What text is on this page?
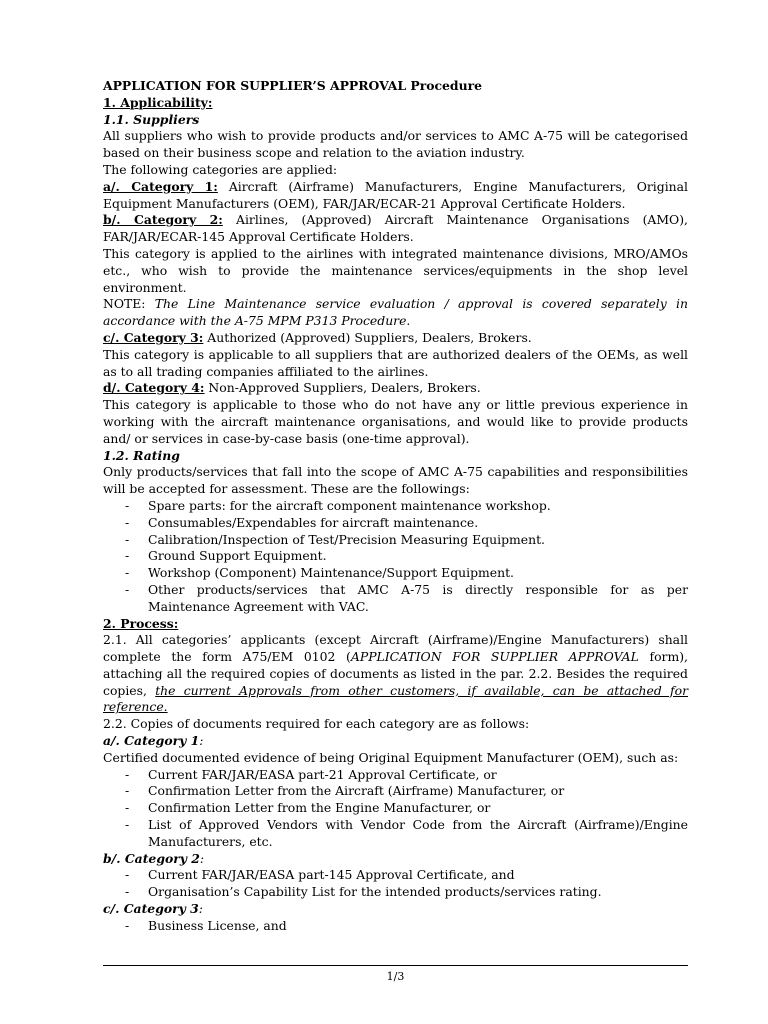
APPLICATION FOR SUPPLIER’S APPROVAL Procedure

1. Applicability:

1.1. Suppliers

All suppliers who wish to provide products and/or services to AMC A-75 will be categorised based on their business scope and relation to the aviation industry.

The following categories are applied:

a/. Category 1: Aircraft (Airframe) Manufacturers, Engine Manufacturers, Original Equipment Manufacturers (OEM), FAR/JAR/ECAR-21 Approval Certificate Holders.

b/. Category 2: Airlines, (Approved) Aircraft Maintenance Organisations (AMO), FAR/JAR/ECAR-145 Approval Certificate Holders.

This category is applied to the airlines with integrated maintenance divisions, MRO/AMOs etc., who wish to provide the maintenance services/equipments in the shop level environment.

NOTE: The Line Maintenance service evaluation / approval is covered separately in accordance with the A-75 MPM P313 Procedure.

c/. Category 3: Authorized (Approved) Suppliers, Dealers, Brokers.

This category is applicable to all suppliers that are authorized dealers of the OEMs, as well as to all trading companies affiliated to the airlines.

d/. Category 4: Non-Approved Suppliers, Dealers, Brokers.

This category is applicable to those who do not have any or little previous experience in working with the aircraft maintenance organisations, and would like to provide products and/ or services in case-by-case basis (one-time approval).

1.2. Rating

Only products/services that fall into the scope of AMC A-75 capabilities and responsibilities will be accepted for assessment. These are the followings:

- Spare parts: for the aircraft component maintenance workshop.
- Consumables/Expendables for aircraft maintenance.
- Calibration/Inspection of Test/Precision Measuring Equipment.
- Ground Support Equipment.
- Workshop (Component) Maintenance/Support Equipment.
- Other products/services that AMC A-75 is directly responsible for as per Maintenance Agreement with VAC.

2. Process:

2.1. All categories’ applicants (except Aircraft (Airframe)/Engine Manufacturers) shall complete the form A75/EM 0102 (APPLICATION FOR SUPPLIER APPROVAL form), attaching all the required copies of documents as listed in the par. 2.2. Besides the required copies, the current Approvals from other customers, if available, can be attached for reference.

2.2. Copies of documents required for each category are as follows:

a/. Category 1:

Certified documented evidence of being Original Equipment Manufacturer (OEM), such as:

- Current FAR/JAR/EASA part-21 Approval Certificate, or
- Confirmation Letter from the Aircraft (Airframe) Manufacturer, or
- Confirmation Letter from the Engine Manufacturer, or
- List of Approved Vendors with Vendor Code from the Aircraft (Airframe)/Engine Manufacturers, etc.

b/. Category 2:

- Current FAR/JAR/EASA part-145 Approval Certificate, and
- Organisation’s Capability List for the intended products/services rating.

c/. Category 3:

- Business License, and
1/3
